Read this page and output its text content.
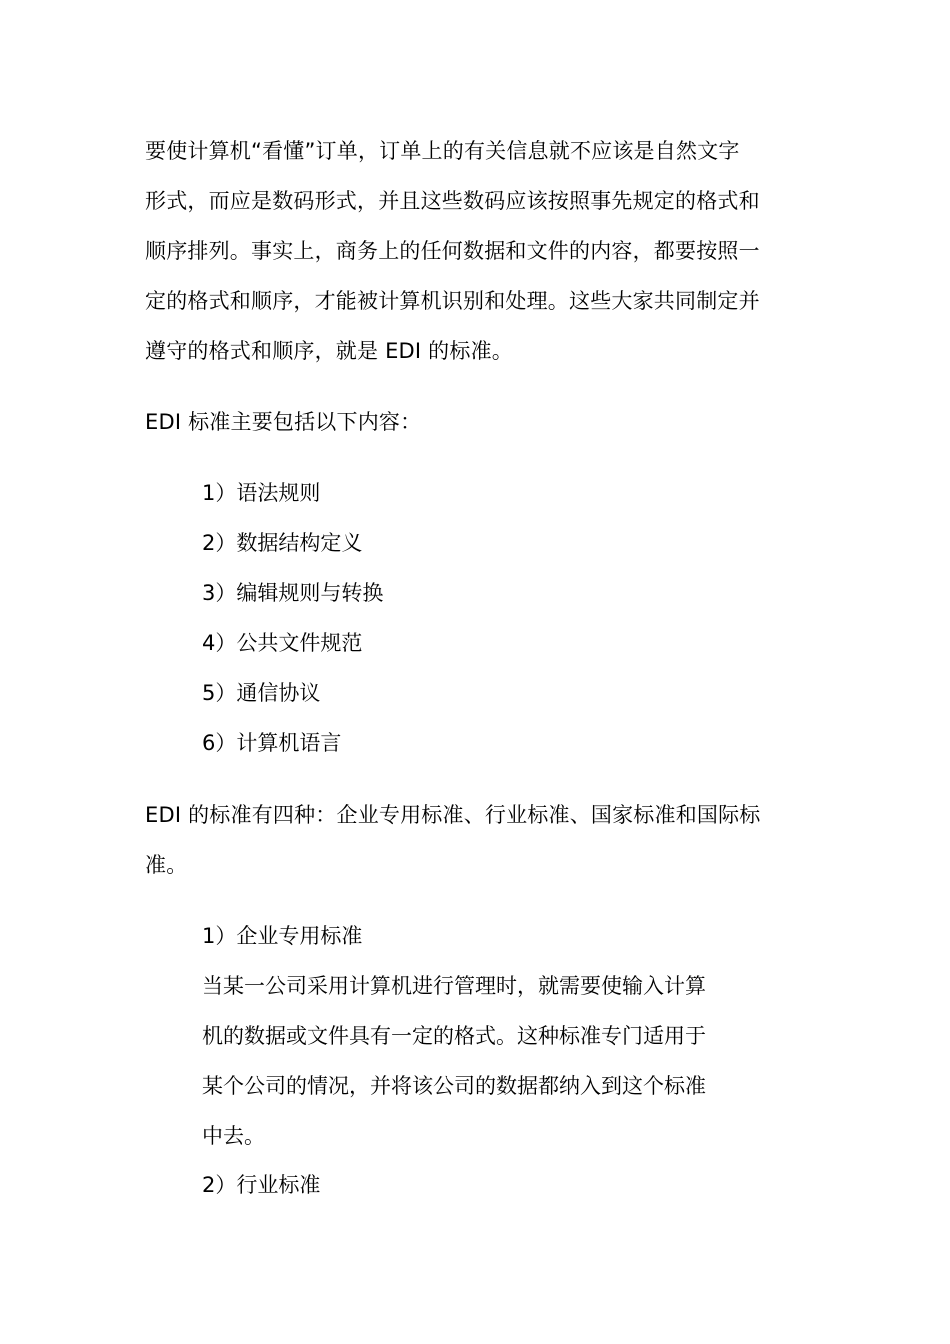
要使计算机“看懂”订单，订单上的有关信息就不应该是自然文字
形式，而应是数码形式，并且这些数码应该按照事先规定的格式和
顺序排列。事实上，商务上的任何数据和文件的内容，都要按照一
定的格式和顺序，才能被计算机识别和处理。这些大家共同制定并
遵守的格式和顺序，就是 EDI 的标准。

EDI 标准主要包括以下内容：

1）语法规则
2）数据结构定义
3）编辑规则与转换
4）公共文件规范
5）通信协议
6）计算机语言
EDI 的标准有四种：企业专用标准、行业标准、国家标准和国际标
准。

1）企业专用标准

当某一公司采用计算机进行管理时，就需要使输入计算
机的数据或文件具有一定的格式。这种标准专门适用于
某个公司的情况，并将该公司的数据都纳入到这个标准
中去。

2）行业标准
